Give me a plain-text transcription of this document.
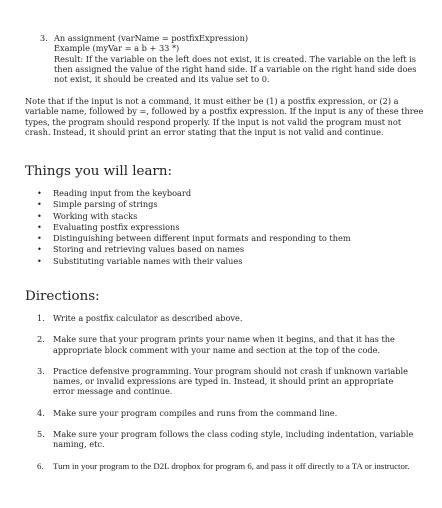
3. An assignment (varName = postfixExpression)
Example (myVar = a b + 33 *)
Result: If the variable on the left does not exist, it is created. The variable on the left is then assigned the value of the right hand side. If a variable on the right hand side does not exist, it should be created and its value set to 0.
Note that if the input is not a command, it must either be (1) a postfix expression, or (2) a variable name, followed by =, followed by a postfix expression. If the input is any of these three types, the program should respond properly. If the input is not valid the program must not crash. Instead, it should print an error stating that the input is not valid and continue.
Things you will learn:
• Reading input from the keyboard
• Simple parsing of strings
• Working with stacks
• Evaluating postfix expressions
• Distinguishing between different input formats and responding to them
• Storing and retrieving values based on names
• Substituting variable names with their values
Directions:
1. Write a postfix calculator as described above.
2. Make sure that your program prints your name when it begins, and that it has the appropriate block comment with your name and section at the top of the code.
3. Practice defensive programming. Your program should not crash if unknown variable names, or invalid expressions are typed in. Instead, it should print an appropriate error message and continue.
4. Make sure your program compiles and runs from the command line.
5. Make sure your program follows the class coding style, including indentation, variable naming, etc.
6. Turn in your program to the D2L dropbox for program 6, and pass it off directly to a TA or instructor.
